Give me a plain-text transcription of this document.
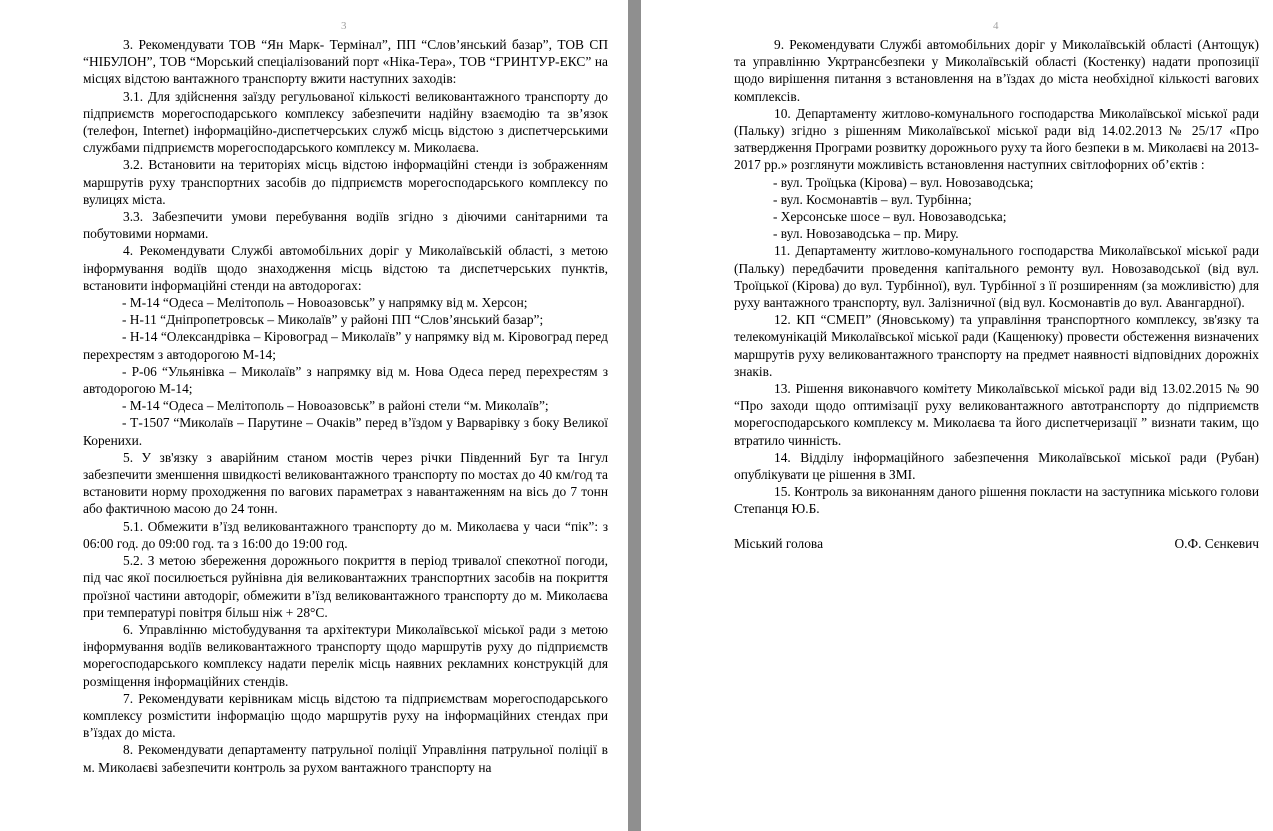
3

3. Рекомендувати ТОВ “Ян Марк- Термінал”, ПП “Слов’янський базар”, ТОВ СП “НІБУЛОН”, ТОВ “Морський спеціалізований порт «Ніка-Тера», ТОВ “ГРИНТУР-ЕКС” на місцях відстою вантажного транспорту вжити наступних заходів:

3.1. Для здійснення заїзду регульованої кількості великовантажного транспорту до підприємств морегосподарського комплексу забезпечити надійну взаємодію та зв’язок (телефон, Internet) інформаційно-диспетчерських служб місць відстою з диспетчерськими службами підприємств морегосподарського комплексу м. Миколаєва.

3.2. Встановити на територіях місць відстою інформаційні стенди із зображенням маршрутів руху транспортних засобів до підприємств морегосподарського комплексу по вулицях міста.

3.3. Забезпечити умови перебування водіїв згідно з діючими санітарними та побутовими нормами.

4. Рекомендувати Службі автомобільних доріг у Миколаївській області, з метою інформування водіїв щодо знаходження місць відстою та диспетчерських пунктів, встановити інформаційні стенди на автодорогах:

- М-14 “Одеса – Мелітополь – Новоазовськ” у напрямку від м. Херсон;

- Н-11 “Дніпропетровськ – Миколаїв” у районі ПП “Слов’янський базар”;

- Н-14 “Олександрівка – Кіровоград – Миколаїв” у напрямку від м. Кіровоград перед перехрестям з автодорогою М-14;

- Р-06 “Ульянівка – Миколаїв” з напрямку від м. Нова Одеса перед перехрестям з автодорогою М-14;

- М-14 “Одеса – Мелітополь – Новоазовськ” в районі стели “м. Миколаїв”;

- Т-1507 “Миколаїв – Парутине – Очаків” перед в’їздом у Варварівку з боку Великої Коренихи.

5. У зв'язку з аварійним станом мостів через річки Південний Буг та Інгул забезпечити зменшення швидкості великовантажного транспорту по мостах до 40 км/год та встановити норму проходження по вагових параметрах з навантаженням на вісь до 7 тонн або фактичною масою до 24 тонн.

5.1. Обмежити в’їзд великовантажного транспорту до м. Миколаєва у часи “пік”: з 06:00 год. до 09:00 год. та з 16:00 до 19:00 год.

5.2. З метою збереження дорожнього покриття в період тривалої спекотної погоди, під час якої посилюється руйнівна дія великовантажних транспортних засобів на покриття проїзної частини автодоріг, обмежити в’їзд великовантажного транспорту до м. Миколаєва при температурі повітря більш ніж + 28°С.

6. Управлінню містобудування та архітектури Миколаївської міської ради з метою інформування водіїв великовантажного транспорту щодо маршрутів руху до підприємств морегосподарського комплексу надати перелік місць наявних рекламних конструкцій для розміщення інформаційних стендів.

7. Рекомендувати керівникам місць відстою та підприємствам морегосподарського комплексу розмістити інформацію щодо маршрутів руху на інформаційних стендах при в’їздах до міста.

8. Рекомендувати департаменту патрульної поліції Управління патрульної поліції в м. Миколаєві забезпечити контроль за рухом вантажного транспорту на

4

9. Рекомендувати Службі автомобільних доріг у Миколаївській області (Антощук) та управлінню Укртрансбезпеки у Миколаївській області (Костенку) надати пропозиції щодо вирішення питання з встановлення на в’їздах до міста необхідної кількості вагових комплексів.

10. Департаменту житлово-комунального господарства Миколаївської міської ради (Пальку) згідно з рішенням Миколаївської міської ради від 14.02.2013 № 25/17 «Про затвердження Програми розвитку дорожнього руху та його безпеки в м. Миколаєві на 2013-2017 рр.» розглянути можливість встановлення наступних світлофорних об’єктів :

- вул. Троїцька (Кірова) – вул. Новозаводська;

- вул. Космонавтів – вул. Турбінна;

- Херсонське шосе – вул. Новозаводська;

- вул. Новозаводська – пр. Миру.

11. Департаменту житлово-комунального господарства Миколаївської міської ради (Пальку) передбачити проведення капітального ремонту вул. Новозаводської (від вул. Троїцької (Кірова) до вул. Турбінної), вул. Турбінної з її розширенням (за можливістю) для руху вантажного транспорту, вул. Залізничної (від вул. Космонавтів до вул. Авангардної).

12. КП “СМЕП” (Яновському) та управління транспортного комплексу, зв'язку та телекомунікацій Миколаївської міської ради (Кащенюку) провести обстеження визначених маршрутів руху великовантажного транспорту на предмет наявності відповідних дорожніх знаків.

13. Рішення виконавчого комітету Миколаївської міської ради від 13.02.2015 № 90 “Про заходи щодо оптимізації руху великовантажного автотранспорту до підприємств морегосподарського комплексу м. Миколаєва та його диспетчеризації ” визнати таким, що втратило чинність.

14. Відділу інформаційного забезпечення Миколаївської міської ради (Рубан) опублікувати це рішення в ЗМІ.

15. Контроль за виконанням даного рішення покласти на заступника міського голови Степанця Ю.Б.

Міський голова	О.Ф. Сєнкевич
